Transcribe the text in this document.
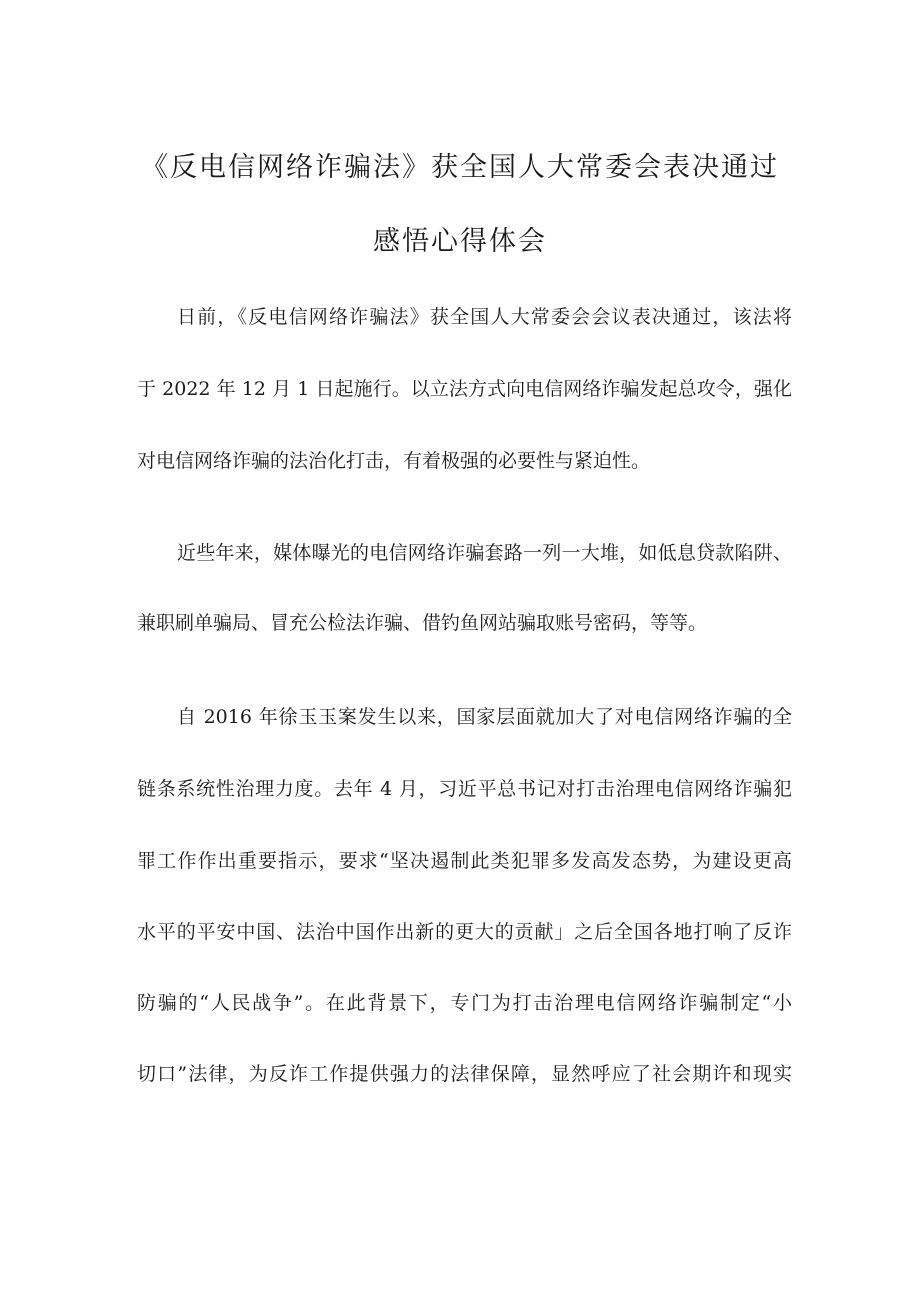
《反电信网络诈骗法》获全国人大常委会表决通过
感悟心得体会
日前，《反电信网络诈骗法》获全国人大常委会会议表决通过，该法将
于 2022 年 12 月 1 日起施行。以立法方式向电信网络诈骗发起总攻令，强化
对电信网络诈骗的法治化打击，有着极强的必要性与紧迫性。
近些年来，媒体曝光的电信网络诈骗套路一列一大堆，如低息贷款陷阱、
兼职刷单骗局、冒充公检法诈骗、借钓鱼网站骗取账号密码，等等。
自 2016 年徐玉玉案发生以来，国家层面就加大了对电信网络诈骗的全
链条系统性治理力度。去年 4 月，习近平总书记对打击治理电信网络诈骗犯
罪工作作出重要指示，要求“坚决遏制此类犯罪多发高发态势，为建设更高
水平的平安中国、法治中国作出新的更大的贡献」之后全国各地打响了反诈
防骗的“人民战争”。在此背景下，专门为打击治理电信网络诈骗制定“小
切口”法律，为反诈工作提供强力的法律保障，显然呼应了社会期许和现实
